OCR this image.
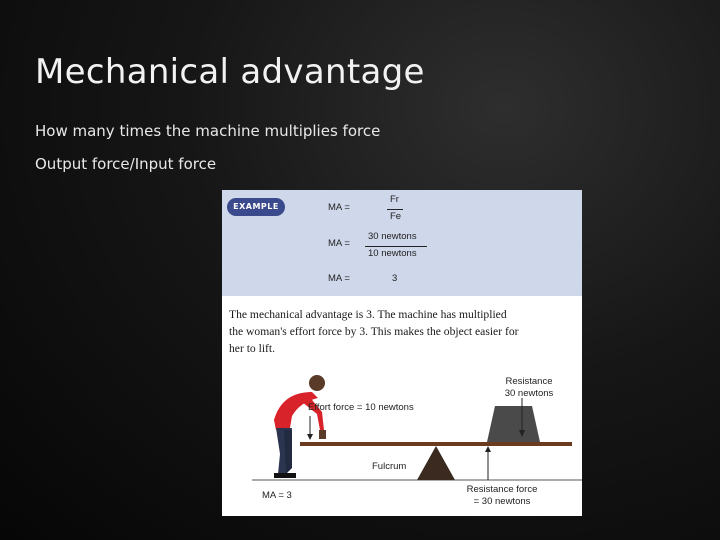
Mechanical advantage
How many times the machine multiplies force
Output force/Input force
EXAMPLE	MA =
Fr
Fe
MA =
30 newtons
10 newtons
MA =	3
The mechanical advantage is 3. The machine has multiplied
the woman's effort force by 3. This makes the object easier for
her to lift.
Effort force = 10 newtons
Resistance
30 newtons
Fulcrum
MA = 3
Resistance force
= 30 newtons
